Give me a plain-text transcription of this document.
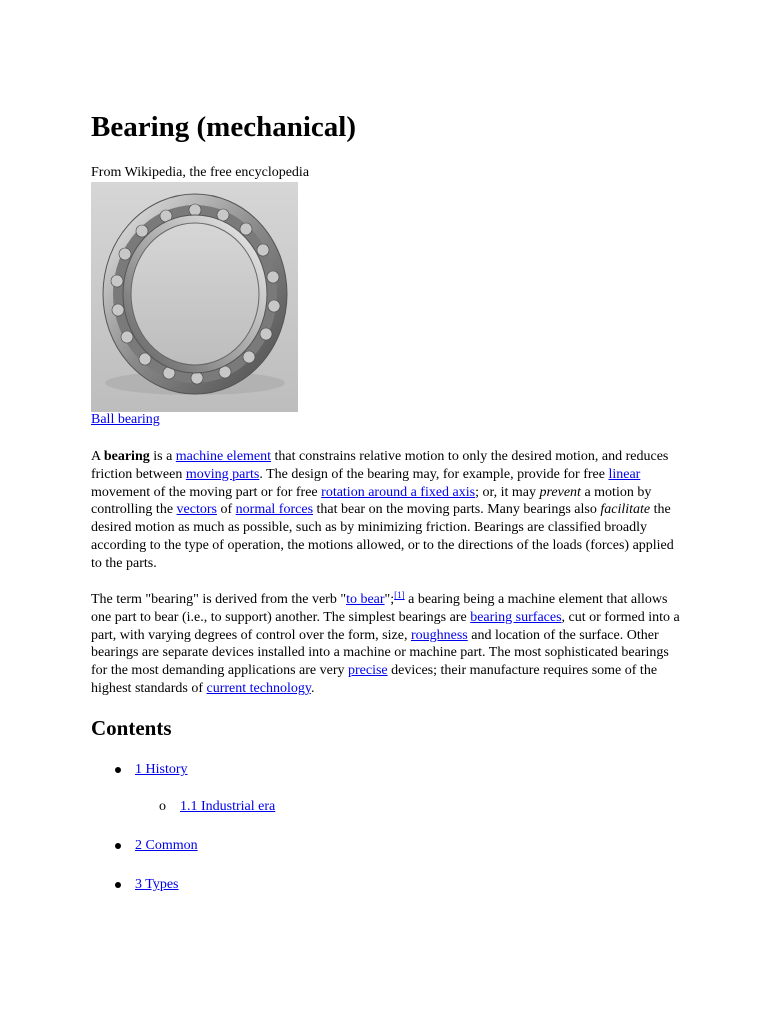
Bearing (mechanical)
From Wikipedia, the free encyclopedia
Ball bearing
A bearing is a machine element that constrains relative motion to only the desired motion, and reduces friction between moving parts. The design of the bearing may, for example, provide for free linear movement of the moving part or for free rotation around a fixed axis; or, it may prevent a motion by controlling the vectors of normal forces that bear on the moving parts. Many bearings also facilitate the desired motion as much as possible, such as by minimizing friction. Bearings are classified broadly according to the type of operation, the motions allowed, or to the directions of the loads (forces) applied to the parts.
The term "bearing" is derived from the verb "to bear";[1] a bearing being a machine element that allows one part to bear (i.e., to support) another. The simplest bearings are bearing surfaces, cut or formed into a part, with varying degrees of control over the form, size, roughness and location of the surface. Other bearings are separate devices installed into a machine or machine part. The most sophisticated bearings for the most demanding applications are very precise devices; their manufacture requires some of the highest standards of current technology.
Contents
1 History
o 1.1 Industrial era
2 Common
3 Types
